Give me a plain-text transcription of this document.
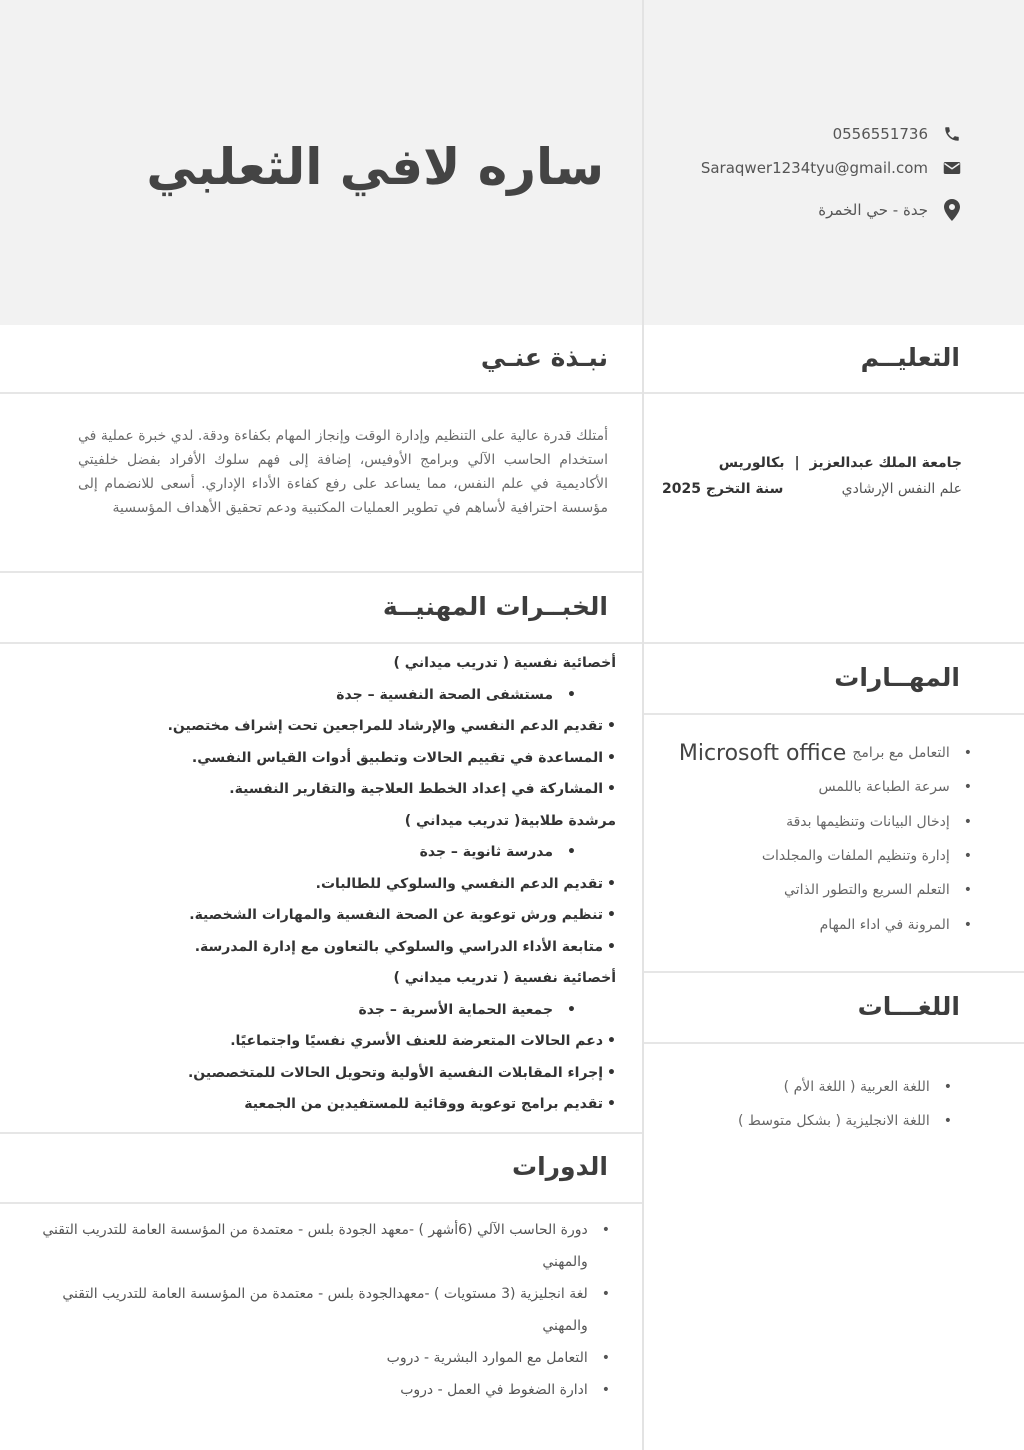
ساره لافي الثعلبي
0556551736
Saraqwer1234tyu@gmail.com
جدة - حي الخمرة
التعليــم
نبـذة عنـي
الخبــرات المهنيــة
المهــارات
اللغـــات
الدورات
أمتلك قدرة عالية على التنظيم وإدارة الوقت وإنجاز المهام بكفاءة ودقة. لدي خبرة عملية في استخدام الحاسب الآلي وبرامج الأوفيس، إضافة إلى فهم سلوك الأفراد بفضل خلفيتي الأكاديمية في علم النفس، مما يساعد على رفع كفاءة الأداء الإداري. أسعى للانضمام إلى مؤسسة احترافية لأساهم في تطوير العمليات المكتبية ودعم تحقيق الأهداف المؤسسية
جامعة الملك عبدالعزيز|بكالوريس
علم النفس الإرشادي
سنة التخرج 2025
أخصائية نفسية ( تدريب ميداني )
• مستشفى الصحة النفسية – جدة
• تقديم الدعم النفسي والإرشاد للمراجعين تحت إشراف مختصين.
• المساعدة في تقييم الحالات وتطبيق أدوات القياس النفسي.
• المشاركة في إعداد الخطط العلاجية والتقارير النفسية.
مرشدة طلابية( تدريب ميداني )
• مدرسة ثانوية – جدة
• تقديم الدعم النفسي والسلوكي للطالبات.
• تنظيم ورش توعوية عن الصحة النفسية والمهارات الشخصية.
• متابعة الأداء الدراسي والسلوكي بالتعاون مع إدارة المدرسة.
أخصائية نفسية ( تدريب ميداني )
• جمعية الحماية الأسرية – جدة
• دعم الحالات المتعرضة للعنف الأسري نفسيًا واجتماعيًا.
• إجراء المقابلات النفسية الأولية وتحويل الحالات للمتخصصين.
• تقديم برامج توعوية ووقائية للمستفيدين من الجمعية
• التعامل مع برامج
Microsoft office
• سرعة الطباعة باللمس
• إدخال البيانات وتنظيمها بدقة
• إدارة وتنظيم الملفات والمجلدات
• التعلم السريع والتطور الذاتي
• المرونة في اداء المهام
• اللغة العربية ( اللغة الأم )
• اللغة الانجليزية ( بشكل متوسط )
• دورة الحاسب الآلي (6أشهر ) -معهد الجودة بلس - معتمدة من المؤسسة العامة للتدريب التقني والمهني
• لغة انجليزية (3 مستويات ) -معهدالجودة بلس - معتمدة من المؤسسة العامة للتدريب التقني والمهني
• التعامل مع الموارد البشرية - دروب
• ادارة الضغوط في العمل - دروب
